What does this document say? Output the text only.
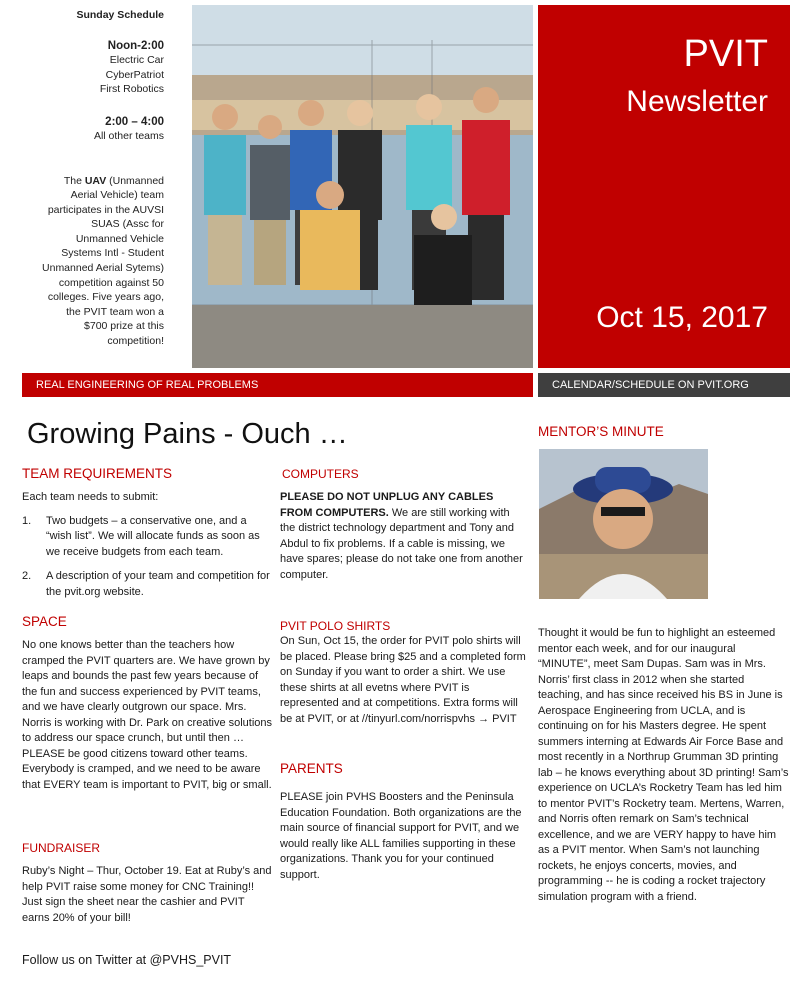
Sunday Schedule

Noon-2:00

Electric Car

CyberPatriot

First Robotics

2:00 – 4:00

All other teams

The UAV (Unmanned Aerial Vehicle) team participates in the AUVSI SUAS (Assc for Unmanned Vehicle Systems Intl - Student Unmanned Aerial Sytems) competition against 50 colleges. Five years ago, the PVIT team won a $700 prize at this competition!

PVIT
Newsletter
Oct 15, 2017
REAL ENGINEERING OF REAL PROBLEMS	CALENDAR/SCHEDULE ON PVIT.ORG
Growing Pains - Ouch …
TEAM REQUIREMENTS

Each team needs to submit:

1. Two budgets – a conservative one, and a “wish list”. We will allocate funds as soon as we receive budgets from each team.
2. A description of your team and competition for the pvit.org website.
SPACE
No one knows better than the teachers how cramped the PVIT quarters are. We have grown by leaps and bounds the past few years because of the fun and success experienced by PVIT teams, and we have clearly outgrown our space. Mrs. Norris is working with Dr. Park on creative solutions to address our space crunch, but until then … PLEASE be good citizens toward other teams. Everybody is cramped, and we need to be aware that EVERY team is important to PVIT, big or small.
FUNDRAISER
Ruby’s Night – Thur, October 19. Eat at Ruby’s and help PVIT raise some money for CNC Training!! Just sign the sheet near the cashier and PVIT earns 20% of your bill!
Follow us on Twitter at @PVHS_PVIT
COMPUTERS
PLEASE DO NOT UNPLUG ANY CABLES FROM COMPUTERS. We are still working with the district technology department and Tony and Abdul to fix problems. If a cable is missing, we have spares; please do not take one from another computer.
PVIT POLO SHIRTS
On Sun, Oct 15, the order for PVIT polo shirts will be placed. Please bring $25 and a completed form on Sunday if you want to order a shirt. We use these shirts at all evetns where PVIT is represented and at competitions. Extra forms will be at PVIT, or at //tinyurl.com/norrispvhs → PVIT
PARENTS
PLEASE join PVHS Boosters and the Peninsula Education Foundation. Both organizations are the main source of financial support for PVIT, and we would really like ALL families supporting in these organizations. Thank you for your continued support.
MENTOR’S MINUTE
Thought it would be fun to highlight an esteemed mentor each week, and for our inaugural “MINUTE”, meet Sam Dupas. Sam was in Mrs. Norris’ first class in 2012 when she started teaching, and has since received his BS in June is Aerospace Engineering from UCLA, and is continuing on for his Masters degree. He spent summers interning at Edwards Air Force Base and most recently in a Northrup Grumman 3D printing lab – he knows everything about 3D printing! Sam’s experience on UCLA’s Rocketry Team has led him to mentor PVIT’s Rocketry team. Mertens, Warren, and Norris often remark on Sam’s technical excellence, and we are VERY happy to have him as a PVIT mentor. When Sam’s not launching rockets, he enjoys concerts, movies, and programming -- he is coding a rocket trajectory simulation program with a friend.
